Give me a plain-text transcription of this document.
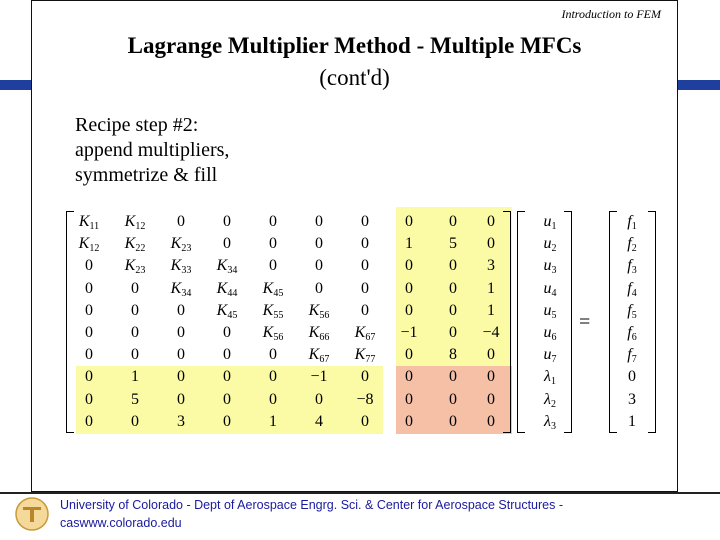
Introduction to FEM
Lagrange Multiplier Method - Multiple MFCs
(cont'd)
Recipe step #2:
append multipliers,
symmetrize & fill
$K_{11}$	$K_{12}$	0	0	0	0	0	0	0	0
$K_{12}$	$K_{22}$	$K_{23}$	0	0	0	0	1	5	0
0	$K_{23}$	$K_{33}$	$K_{34}$	0	0	0	0	0	3
0	0	$K_{34}$	$K_{44}$	$K_{45}$	0	0	0	0	1
0	0	0	$K_{45}$	$K_{55}$	$K_{56}$	0	0	0	1
0	0	0	0	$K_{56}$	$K_{66}$	$K_{67}$	−1	0	−4
0	0	0	0	0	$K_{67}$	$K_{77}$	0	8	0
0	1	0	0	0	−1	0	0	0	0
0	5	0	0	0	0	−8	0	0	0
0	0	3	0	1	4	0	0	0	0
$u_1$
$u_2$
$u_3$
$u_4$
$u_5$
$u_6$
$u_7$
$\lambda_1$
$\lambda_2$
$\lambda_3$
$f_1$
$f_2$
$f_3$
$f_4$
$f_5$
$f_6$
$f_7$
0
3
1
=
University of Colorado - Dept of Aerospace Engrg. Sci. & Center for Aerospace Structures -
caswww.colorado.edu
